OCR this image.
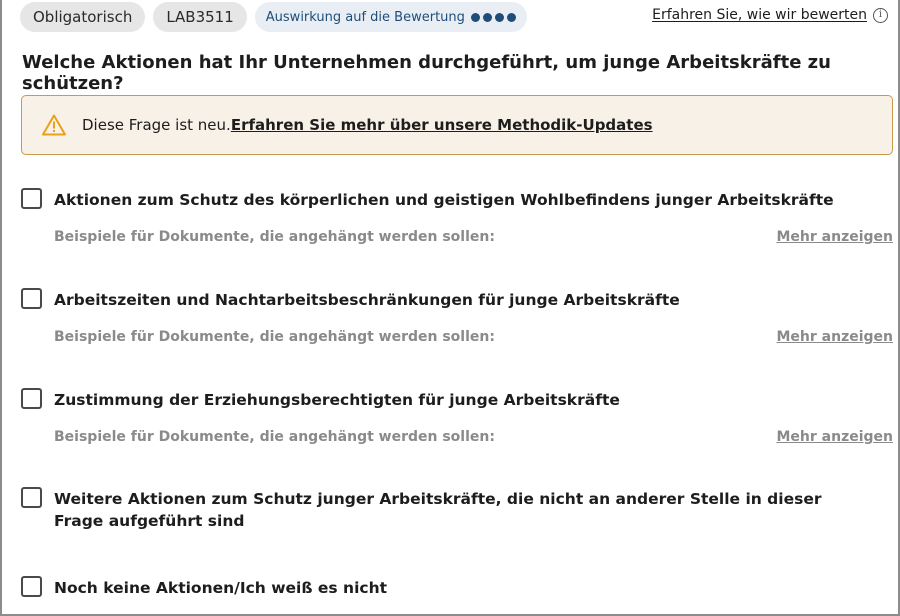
Obligatorisch	LAB3511	Auswirkung auf die Bewertung	Erfahren Sie, wie wir bewerten	i
Welche Aktionen hat Ihr Unternehmen durchgeführt, um junge Arbeitskräfte zu schützen?
Diese Frage ist neu.Erfahren Sie mehr über unsere Methodik-Updates
Aktionen zum Schutz des körperlichen und geistigen Wohlbefindens junger Arbeitskräfte
Beispiele für Dokumente, die angehängt werden sollen:	Mehr anzeigen
Arbeitszeiten und Nachtarbeitsbeschränkungen für junge Arbeitskräfte
Beispiele für Dokumente, die angehängt werden sollen:	Mehr anzeigen
Zustimmung der Erziehungsberechtigten für junge Arbeitskräfte
Beispiele für Dokumente, die angehängt werden sollen:	Mehr anzeigen
Weitere Aktionen zum Schutz junger Arbeitskräfte, die nicht an anderer Stelle in dieser Frage aufgeführt sind
Noch keine Aktionen/Ich weiß es nicht
